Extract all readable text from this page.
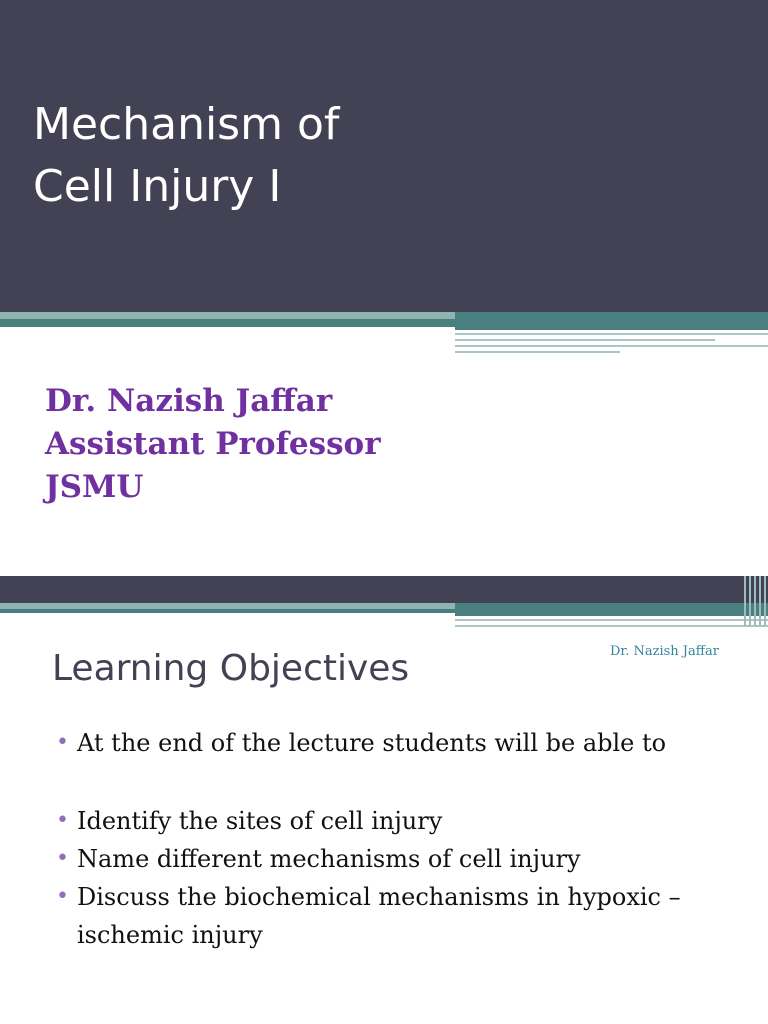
Mechanism of
Cell Injury I
Dr. Nazish Jaffar
Assistant Professor
JSMU
Dr. Nazish Jaffar
Learning Objectives
• At the end of the lecture students will be able to
• Identify the sites of cell injury
• Name different mechanisms of cell injury
• Discuss the biochemical mechanisms in hypoxic –ischemic injury
